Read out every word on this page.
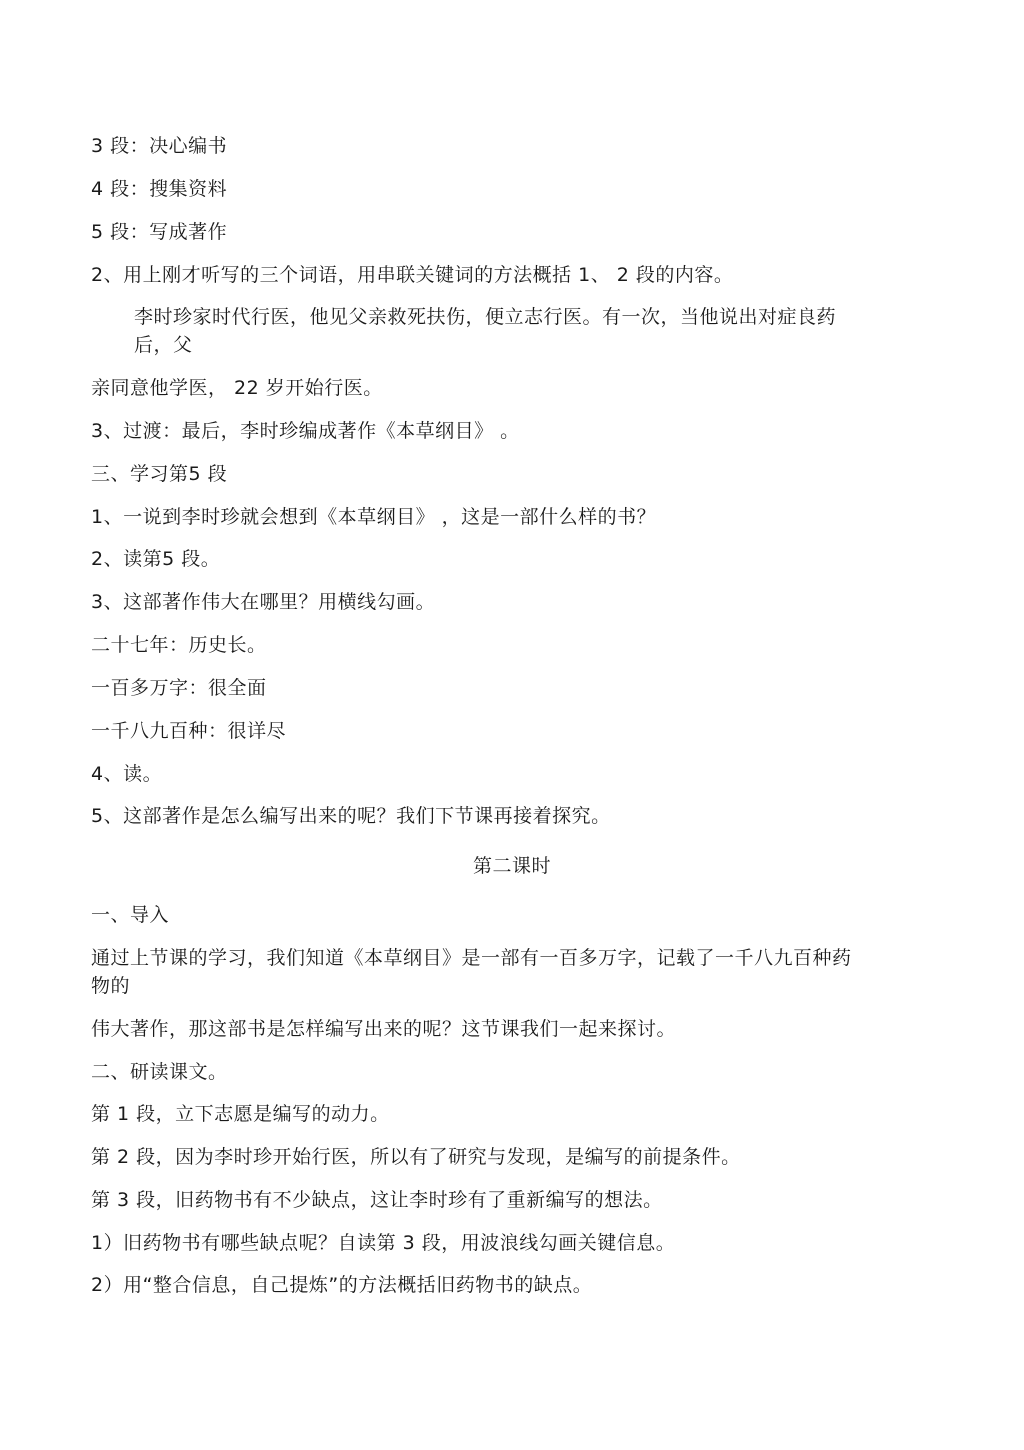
3 段：决心编书
4 段：搜集资料
5 段：写成著作
2、用上刚才听写的三个词语，用串联关键词的方法概括 1、 2 段的内容。
李时珍家时代行医，他见父亲救死扶伤，便立志行医。有一次，当他说出对症良药后，父
亲同意他学医， 22 岁开始行医。
3、过渡：最后，李时珍编成著作《本草纲目》 。
三、学习第5 段
1、一说到李时珍就会想到《本草纲目》 ，这是一部什么样的书？
2、读第5 段。
3、这部著作伟大在哪里？用横线勾画。
二十七年：历史长。
一百多万字：很全面
一千八九百种：很详尽
4、读。
5、这部著作是怎么编写出来的呢？我们下节课再接着探究。
第二课时
一、导入
通过上节课的学习，我们知道《本草纲目》是一部有一百多万字，记载了一千八九百种药物的
伟大著作，那这部书是怎样编写出来的呢？这节课我们一起来探讨。
二、研读课文。
第 1 段，立下志愿是编写的动力。
第 2 段，因为李时珍开始行医，所以有了研究与发现，是编写的前提条件。
第 3 段，旧药物书有不少缺点，这让李时珍有了重新编写的想法。
1）旧药物书有哪些缺点呢？自读第 3 段，用波浪线勾画关键信息。
2）用“整合信息，自己提炼”的方法概括旧药物书的缺点。
